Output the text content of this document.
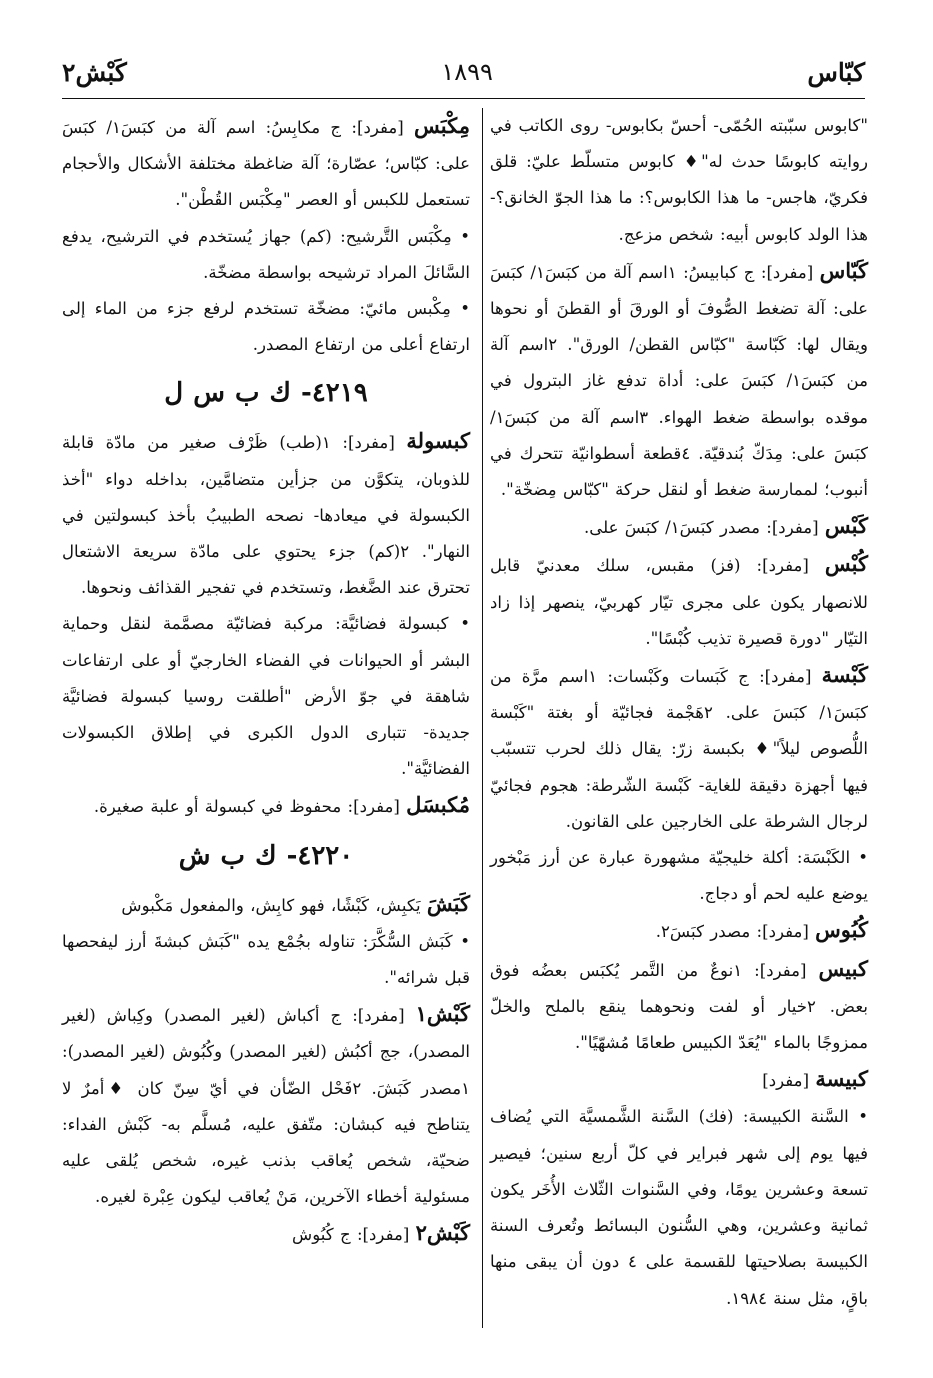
كبّاس
١٨٩٩
كَبْش٢

"كابوس سبّبته الحُمّى- أحسّ بكابوس- روى الكاتب في روايته كابوسًا حدث له"♦ كابوس متسلّط عليّ: قلق فكريّ، هاجس- ما هذا الكابوس؟: ما هذا الجوّ الخانق؟- هذا الولد كابوس أبيه: شخص مزعج.

كَبّاس [مفرد]: ج كبابيسُ: ١اسم آلة من كبَسَ١/ كبَسَ على: آلة تضغط الصُّوفَ أو الورقَ أو القطنَ أو نحوها ويقال لها: كَبّاسة "كبّاس القطن/ الورق". ٢اسم آلة من كبَسَ١/ كبَسَ على: أداة تدفع غاز البترول في موقده بواسطة ضغط الهواء. ٣اسم آلة من كبَسَ١/ كبَسَ على: مِدَكّ بُندقيّة. ٤قطعة أسطوانيّة تتحرك في أنبوب؛ لممارسة ضغط أو لنقل حركة "كبّاس مِضخّة".

كَبْس [مفرد]: مصدر كبَسَ١/ كبَسَ على.

كُبْس [مفرد]: (فز) مقبس، سلك معدنيّ قابل للانصهار يكون على مجرى تيّار كهربيّ، ينصهر إذا زاد التيّار "دورة قصيرة تذيب كُبْسًا".

كَبْسة [مفرد]: ج كَبَسات وكَبْسات: ١اسم مرَّة من كبَسَ١/ كبَسَ على. ٢هَجْمة فجائيّة أو بغتة "كَبْسة اللُّصوص ليلاً"♦ بكبسة زرّ: يقال ذلك لحرب تتسبّب فيها أجهزة دقيقة للغاية- كَبْسة الشّرطة: هجوم فجائيّ لرجال الشرطة على الخارجين على القانون.

• الكَبْسَة: أكلة خليجيّة مشهورة عبارة عن أرز مَبْخور يوضع عليه لحم أو دجاج.

كُبُوس [مفرد]: مصدر كبَسَ٢.

كبيس [مفرد]: ١نوعٌ من التَّمر يُكبَس بعضُه فوق بعض. ٢خيار أو لفت ونحوهما ينقع بالملح والخلّ ممزوجًا بالماء "يُعَدّ الكبيس طعامًا مُشهّيًا".

كبيسة [مفرد]

• السَّنة الكبيسة: (فك) السَّنة الشَّمسيَّة التي يُضاف فيها يوم إلى شهر فبراير في كلّ أربع سنين؛ فيصير تسعة وعشرين يومًا، وفي السَّنوات الثّلاث الأُخَر يكون ثمانية وعشرين، وهي السُّنون البسائط وتُعرف السنة الكبيسة بصلاحيتها للقسمة على ٤ دون أن يبقى منها باقٍ، مثل سنة ١٩٨٤.

مِكْبَس [مفرد]: ج مكابِسُ: اسم آلة من كبَسَ١/ كبَسَ على: كبّاس؛ عصّارة؛ آلة ضاغطة مختلفة الأشكال والأحجام تستعمل للكبس أو العصر "مِكْبَس القُطْن".

• مِكْبَس التَّرشيح: (كم) جهاز يُستخدم في الترشيح، يدفع السَّائلَ المراد ترشيحه بواسطة مضخّة.

• مِكْبس مائيّ: مضخّة تستخدم لرفع جزء من الماء إلى ارتفاع أعلى من ارتفاع المصدر.

٤٢١٩- ك ب س ل

كبسولة [مفرد]: ١(طب) ظَرْف صغير من مادّة قابلة للذوبان، يتكوَّن من جزأين متضامَّين، بداخله دواء "أخذ الكبسولة في ميعادها- نصحه الطبيبُ بأخذ كبسولتين في النهار". ٢(كم) جزء يحتوي على مادّة سريعة الاشتعال تحترق عند الضَّغط، وتستخدم في تفجير القذائف ونحوها.

• كبسولة فضائيَّة: مركبة فضائيّة مصمَّمة لنقل وحماية البشر أو الحيوانات في الفضاء الخارجيّ أو على ارتفاعات شاهقة في جوّ الأرض "أطلقت روسيا كبسولة فضائيَّة جديدة- تتبارى الدول الكبرى في إطلاق الكبسولات الفضائيَّة".

مُكبسَل [مفرد]: محفوظ في كبسولة أو علبة صغيرة.

٤٢٢٠- ك ب ش

كَبَشَ يَكبِش، كَبْشًا، فهو كابِش، والمفعول مَكْبوش

• كَبَش السُّكَّرَ: تناوله بجُمْع يده "كَبَش كبشةَ أرز ليفحصها قبل شرائه".

كَبْش١ [مفرد]: ج أكباش (لغير المصدر) وكِباش (لغير المصدر)، جج أكبُش (لغير المصدر) وكُبُوش (لغير المصدر): ١مصدر كَبَشَ. ٢فَحْل الضّأن في أيّ سِنّ كان ♦أمرٌ لا يتناطح فيه كبشان: متّفق عليه، مُسلَّم به- كَبْش الفداء: ضحيّة، شخص يُعاقب بذنب غيره، شخص يُلقى عليه مسئولية أخطاء الآخرين، مَنْ يُعاقب ليكون عِبْرة لغيره.

كَبْش٢ [مفرد]: ج كُبُوش
